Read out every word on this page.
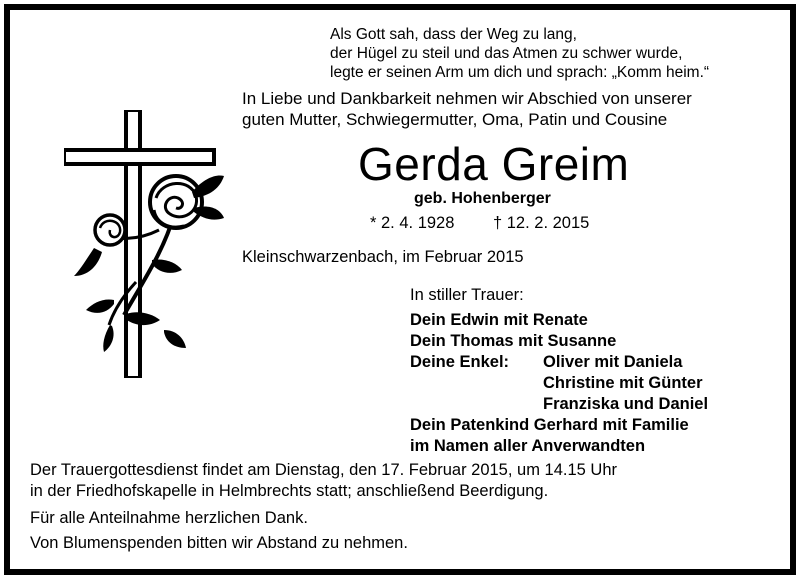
Als Gott sah, dass der Weg zu lang,
der Hügel zu steil und das Atmen zu schwer wurde,
legte er seinen Arm um dich und sprach: „Komm heim.“
In Liebe und Dankbarkeit nehmen wir Abschied von unserer
guten Mutter, Schwiegermutter, Oma, Patin und Cousine
Gerda Greim
geb. Hohenberger
* 2. 4. 1928 † 12. 2. 2015
Kleinschwarzenbach, im Februar 2015
In stiller Trauer:
Dein Edwin mit Renate
Dein Thomas mit Susanne
Deine Enkel:	Oliver mit Daniela
Christine mit Günter
Franziska und Daniel
Dein Patenkind Gerhard mit Familie
im Namen aller Anverwandten
Der Trauergottesdienst findet am Dienstag, den 17. Februar 2015, um 14.15 Uhr
in der Friedhofskapelle in Helmbrechts statt; anschließend Beerdigung.
Für alle Anteilnahme herzlichen Dank.
Von Blumenspenden bitten wir Abstand zu nehmen.
